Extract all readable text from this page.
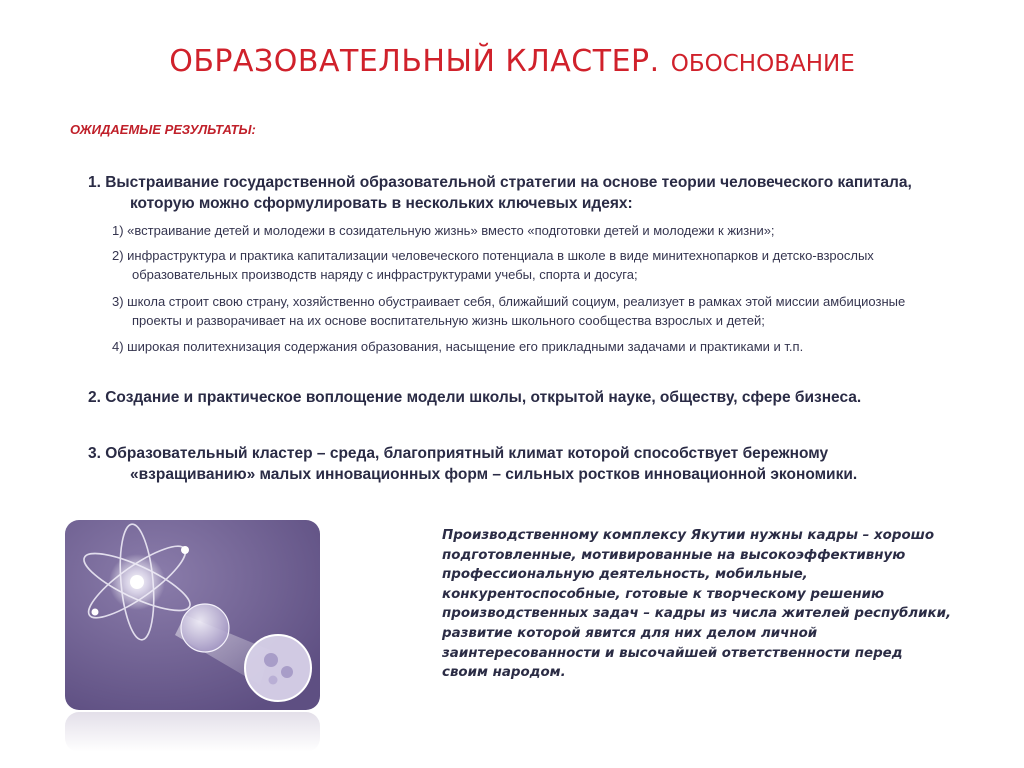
ОБРАЗОВАТЕЛЬНЫЙ КЛАСТЕР. ОБОСНОВАНИЕ
ОЖИДАЕМЫЕ РЕЗУЛЬТАТЫ:
1. Выстраивание государственной образовательной стратегии на основе теории человеческого капитала,
которую можно сформулировать в нескольких ключевых идеях:
1) «встраивание детей и молодежи в созидательную жизнь» вместо «подготовки детей и молодежи к жизни»;
2) инфраструктура и практика капитализации человеческого потенциала в школе в виде минитехнопарков и детско-взрослых
образовательных производств наряду с инфраструктурами учебы, спорта и досуга;
3) школа строит свою страну, хозяйственно обустраивает себя, ближайший социум, реализует в рамках этой миссии амбициозные
проекты и разворачивает на их основе воспитательную жизнь школьного сообщества взрослых и детей;
4) широкая политехнизация содержания образования, насыщение его прикладными задачами и практиками и т.п.
2. Создание и практическое воплощение модели школы, открытой науке, обществу, сфере бизнеса.
3. Образовательный кластер – среда, благоприятный климат которой способствует бережному
«взращиванию» малых инновационных форм – сильных ростков инновационной экономики.
Производственному комплексу Якутии нужны кадры – хорошо
подготовленные, мотивированные на высокоэффективную
профессиональную деятельность, мобильные,
конкурентоспособные, готовые к творческому решению
производственных задач – кадры из числа жителей республики,
развитие которой явится для них делом личной
заинтересованности и высочайшей ответственности перед
своим народом.
